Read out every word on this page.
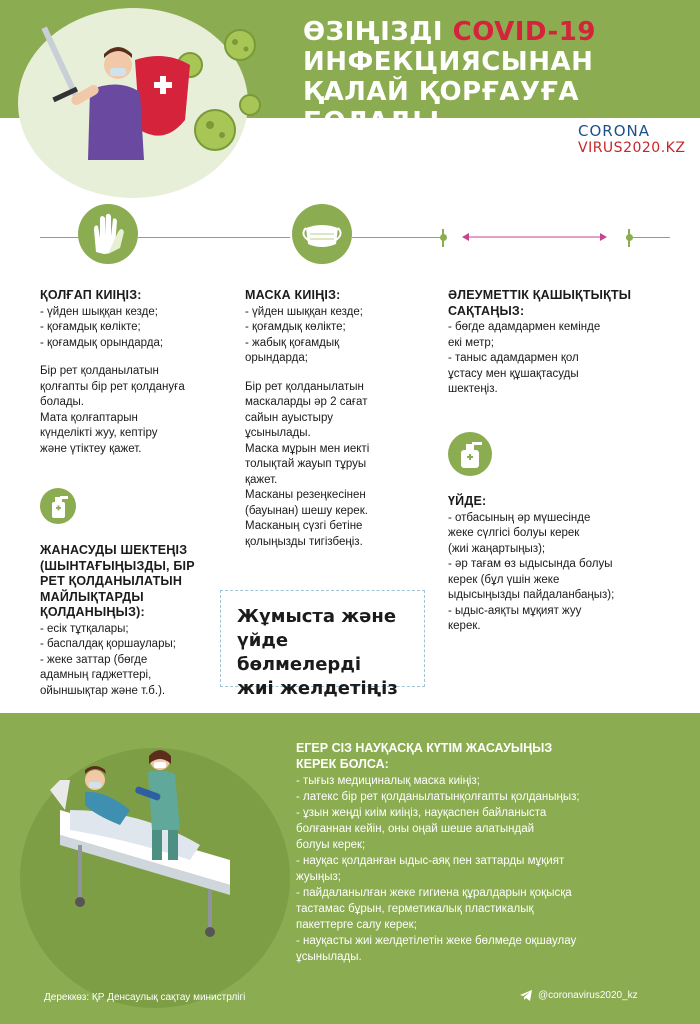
ӨЗІҢІЗДІ COVID-19
ИНФЕКЦИЯСЫНАН
ҚАЛАЙ ҚОРҒАУҒА БОЛАДЫ	CORONA
VIRUS2020.KZ
ҚОЛҒАП КИІҢІЗ:
- үйден шыққан кезде;
- қоғамдық көлікте;
- қоғамдық орындарда;
Бір рет қолданылатын
қолғапты бір рет қолдануға
болады.
Мата қолғаптарын
күнделікті жуу, кептіру
және үтіктеу қажет.
ЖАНАСУДЫ ШЕКТЕҢІЗ
(ШЫНТАҒЫҢЫЗДЫ, БІР
РЕТ ҚОЛДАНЫЛАТЫН
МАЙЛЫҚТАРДЫ
ҚОЛДАНЫҢЫЗ):
- есік тұтқалары;
- баспалдақ қоршаулары;
- жеке заттар (бөгде
адамның гаджеттері,
ойыншықтар және т.б.).
МАСКА КИІҢІЗ:
- үйден шыққан кезде;
- қоғамдық көлікте;
- жабық қоғамдық
орындарда;
Бір рет қолданылатын
маскаларды әр 2 сағат
сайын ауыстыру
ұсынылады.
Маска мұрын мен иекті
толықтай жауып тұруы
қажет.
Масканы резеңкесінен
(бауынан) шешу керек.
Масканың сүзгі бетіне
қолыңызды тигізбеңіз.
Жұмыста және
үйде бөлмелерді
жиі желдетіңіз
ӘЛЕУМЕТТІК ҚАШЫҚТЫҚТЫ
САҚТАҢЫЗ:
- бөгде адамдармен кемінде
екі метр;
- таныс адамдармен қол
ұстасу мен құшақтасуды
шектеңіз.
ҮЙДЕ:
- отбасының әр мүшесінде
жеке сүлгісі болуы керек
(жиі жаңартыңыз);
- әр тағам өз ыдысында болуы
керек (бұл үшін жеке
ыдысыңызды пайдаланбаңыз);
- ыдыс-аяқты мұқият жуу
керек.
ЕГЕР СІЗ НАУҚАСҚА КҮТІМ ЖАСАУЫҢЫЗ
КЕРЕК БОЛСА:
- тығыз медициналық маска киіңіз;
- латекс бір рет қолданылатынқолғапты қолданыңыз;
- ұзын жеңді киім киіңіз, науқаспен байланыста
болғаннан кейін, оны оңай шеше алатындай
болуы керек;
- науқас қолданған ыдыс-аяқ пен заттарды мұқият
жуыңыз;
- пайдаланылған жеке гигиена құралдарын қоқысқа
тастамас бұрын, герметикалық пластикалық
пакеттерге салу керек;
- науқасты жиі желдетілетін жеке бөлмеде оқшаулау
ұсынылады.
Дереккөз: ҚР Денсаулық сақтау министрлігі	@coronavirus2020_kz
